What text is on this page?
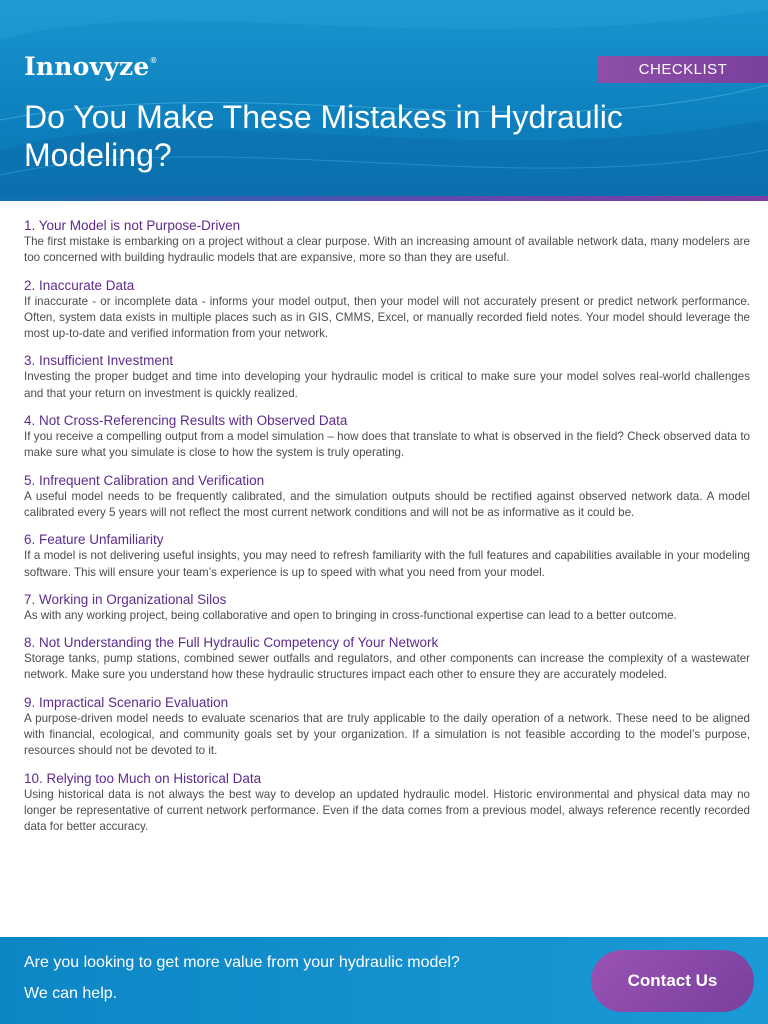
Innovyze®
CHECKLIST
Do You Make These Mistakes in Hydraulic Modeling?
1. Your Model is not Purpose-Driven

The first mistake is embarking on a project without a clear purpose. With an increasing amount of available network data, many modelers are too concerned with building hydraulic models that are expansive, more so than they are useful.

2. Inaccurate Data

If inaccurate - or incomplete data - informs your model output, then your model will not accurately present or predict network performance. Often, system data exists in multiple places such as in GIS, CMMS, Excel, or manually recorded field notes. Your model should leverage the most up-to-date and verified information from your network.

3. Insufficient Investment

Investing the proper budget and time into developing your hydraulic model is critical to make sure your model solves real-world challenges and that your return on investment is quickly realized.

4. Not Cross-Referencing Results with Observed Data

If you receive a compelling output from a model simulation – how does that translate to what is observed in the field? Check observed data to make sure what you simulate is close to how the system is truly operating.

5. Infrequent Calibration and Verification

A useful model needs to be frequently calibrated, and the simulation outputs should be rectified against observed network data. A model calibrated every 5 years will not reflect the most current network conditions and will not be as informative as it could be.

6. Feature Unfamiliarity

If a model is not delivering useful insights, you may need to refresh familiarity with the full features and capabilities available in your modeling software. This will ensure your team’s experience is up to speed with what you need from your model.

7. Working in Organizational Silos

As with any working project, being collaborative and open to bringing in cross-functional expertise can lead to a better outcome.

8. Not Understanding the Full Hydraulic Competency of Your Network

Storage tanks, pump stations, combined sewer outfalls and regulators, and other components can increase the complexity of a wastewater network. Make sure you understand how these hydraulic structures impact each other to ensure they are accurately modeled.

9. Impractical Scenario Evaluation

A purpose-driven model needs to evaluate scenarios that are truly applicable to the daily operation of a network. These need to be aligned with financial, ecological, and community goals set by your organization. If a simulation is not feasible according to the model’s purpose, resources should not be devoted to it.

10. Relying too Much on Historical Data

Using historical data is not always the best way to develop an updated hydraulic model. Historic environmental and physical data may no longer be representative of current network performance. Even if the data comes from a previous model, always reference recently recorded data for better accuracy.

Are you looking to get more value from your hydraulic model?
We can help.
Contact Us
